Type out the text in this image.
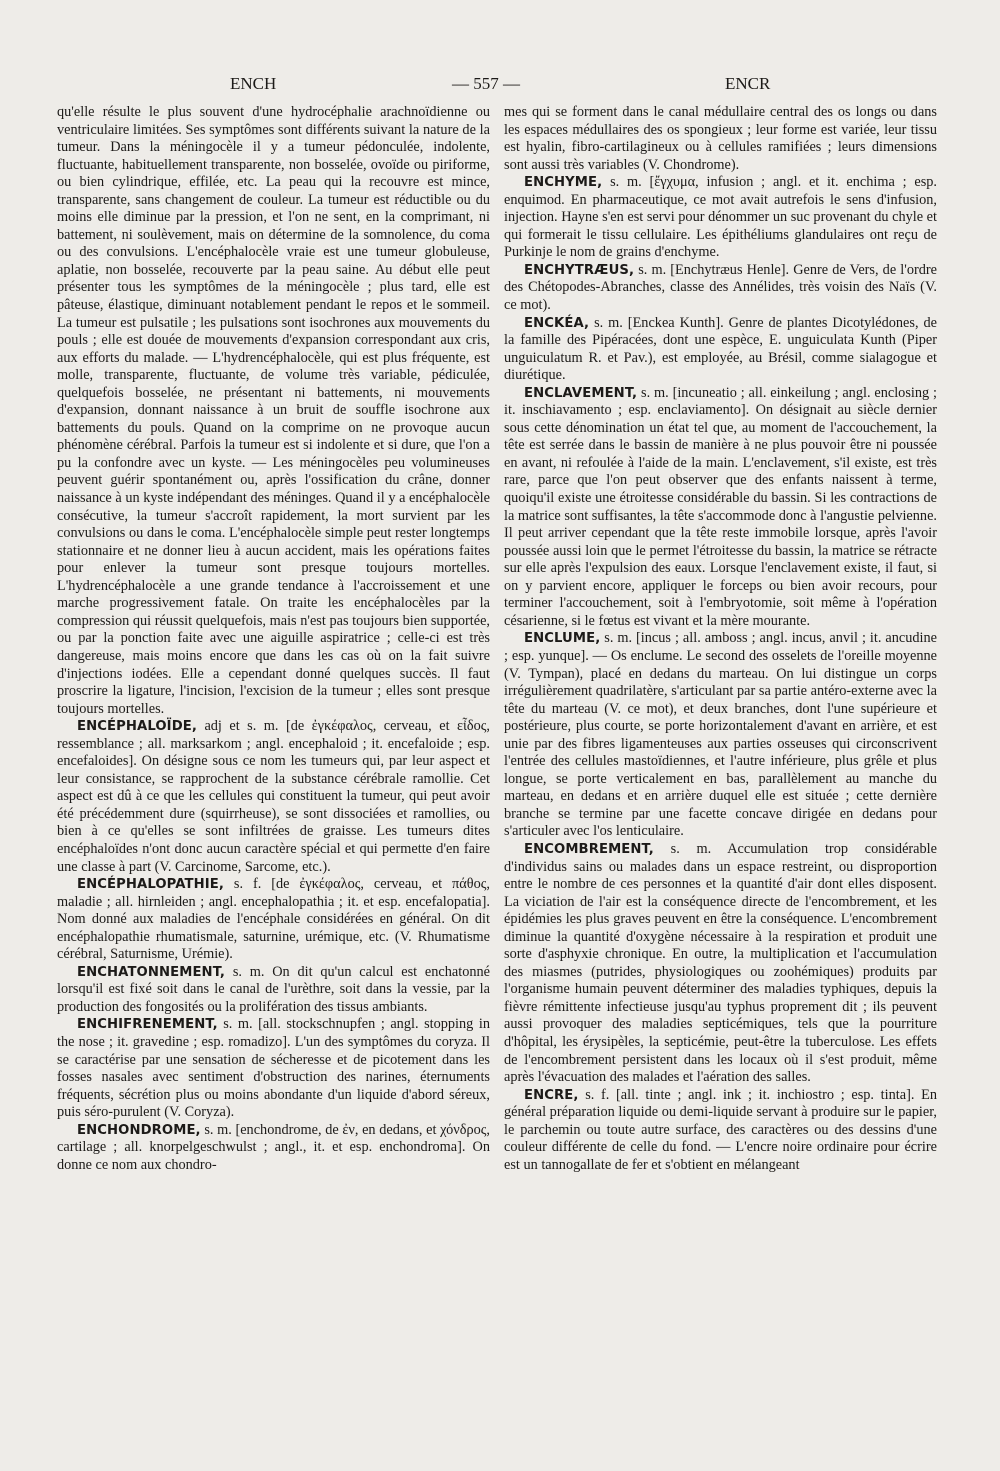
ENCH	— 557 —	ENCR

qu'elle résulte le plus souvent d'une hydrocéphalie arachnoïdienne ou ventriculaire limitées. Ses symptômes sont différents suivant la nature de la tumeur. Dans la méningocèle il y a tumeur pédonculée, indolente, fluctuante, habituellement transparente, non bosselée, ovoïde ou piriforme, ou bien cylindrique, effilée, etc. La peau qui la recouvre est mince, transparente, sans changement de couleur. La tumeur est réductible ou du moins elle diminue par la pression, et l'on ne sent, en la comprimant, ni battement, ni soulèvement, mais on détermine de la somnolence, du coma ou des convulsions. L'encéphalocèle vraie est une tumeur globuleuse, aplatie, non bosselée, recouverte par la peau saine. Au début elle peut présenter tous les symptômes de la méningocèle ; plus tard, elle est pâteuse, élastique, diminuant notablement pendant le repos et le sommeil. La tumeur est pulsatile ; les pulsations sont isochrones aux mouvements du pouls ; elle est douée de mouvements d'expansion correspondant aux cris, aux efforts du malade. — L'hydrencéphalocèle, qui est plus fréquente, est molle, transparente, fluctuante, de volume très variable, pédiculée, quelquefois bosselée, ne présentant ni battements, ni mouvements d'expansion, donnant naissance à un bruit de souffle isochrone aux battements du pouls. Quand on la comprime on ne provoque aucun phénomène cérébral. Parfois la tumeur est si indolente et si dure, que l'on a pu la confondre avec un kyste. — Les méningocèles peu volumineuses peuvent guérir spontanément ou, après l'ossification du crâne, donner naissance à un kyste indépendant des méninges. Quand il y a encéphalocèle consécutive, la tumeur s'accroît rapidement, la mort survient par les convulsions ou dans le coma. L'encéphalocèle simple peut rester longtemps stationnaire et ne donner lieu à aucun accident, mais les opérations faites pour enlever la tumeur sont presque toujours mortelles. L'hydrencéphalocèle a une grande tendance à l'accroissement et une marche progressivement fatale. On traite les encéphalocèles par la compression qui réussit quelquefois, mais n'est pas toujours bien supportée, ou par la ponction faite avec une aiguille aspiratrice ; celle-ci est très dangereuse, mais moins encore que dans les cas où on la fait suivre d'injections iodées. Elle a cependant donné quelques succès. Il faut proscrire la ligature, l'incision, l'excision de la tumeur ; elles sont presque toujours mortelles.

ENCÉPHALOÏDE, adj et s. m. [de ἐγκέφαλος, cerveau, et εἶδος, ressemblance ; all. marksarkom ; angl. encephaloid ; it. encefaloide ; esp. encefaloides]. On désigne sous ce nom les tumeurs qui, par leur aspect et leur consistance, se rapprochent de la substance cérébrale ramollie. Cet aspect est dû à ce que les cellules qui constituent la tumeur, qui peut avoir été précédemment dure (squirrheuse), se sont dissociées et ramollies, ou bien à ce qu'elles se sont infiltrées de graisse. Les tumeurs dites encéphaloïdes n'ont donc aucun caractère spécial et qui permette d'en faire une classe à part (V. Carcinome, Sarcome, etc.).

ENCÉPHALOPATHIE, s. f. [de ἐγκέφαλος, cerveau, et πάθος, maladie ; all. hirnleiden ; angl. encephalopathia ; it. et esp. encefalopatia]. Nom donné aux maladies de l'encéphale considérées en général. On dit encéphalopathie rhumatismale, saturnine, urémique, etc. (V. Rhumatisme cérébral, Saturnisme, Urémie).

ENCHATONNEMENT, s. m. On dit qu'un calcul est enchatonné lorsqu'il est fixé soit dans le canal de l'urèthre, soit dans la vessie, par la production des fongosités ou la prolifération des tissus ambiants.

ENCHIFRENEMENT, s. m. [all. stockschnupfen ; angl. stopping in the nose ; it. gravedine ; esp. romadizo]. L'un des symptômes du coryza. Il se caractérise par une sensation de sécheresse et de picotement dans les fosses nasales avec sentiment d'obstruction des narines, éternuments fréquents, sécrétion plus ou moins abondante d'un liquide d'abord séreux, puis séro-purulent (V. Coryza).

ENCHONDROME, s. m. [enchondrome, de ἐν, en dedans, et χόνδρος, cartilage ; all. knorpelgeschwulst ; angl., it. et esp. enchondroma]. On donne ce nom aux chondro-

mes qui se forment dans le canal médullaire central des os longs ou dans les espaces médullaires des os spongieux ; leur forme est variée, leur tissu est hyalin, fibro-cartilagineux ou à cellules ramifiées ; leurs dimensions sont aussi très variables (V. Chondrome).

ENCHYME, s. m. [ἔγχυμα, infusion ; angl. et it. enchima ; esp. enquimod. En pharmaceutique, ce mot avait autrefois le sens d'infusion, injection. Hayne s'en est servi pour dénommer un suc provenant du chyle et qui formerait le tissu cellulaire. Les épithéliums glandulaires ont reçu de Purkinje le nom de grains d'enchyme.

ENCHYTRÆUS, s. m. [Enchytræus Henle]. Genre de Vers, de l'ordre des Chétopodes-Abranches, classe des Annélides, très voisin des Naïs (V. ce mot).

ENCKÉA, s. m. [Enckea Kunth]. Genre de plantes Dicotylédones, de la famille des Pipéracées, dont une espèce, E. unguiculata Kunth (Piper unguiculatum R. et Pav.), est employée, au Brésil, comme sialagogue et diurétique.

ENCLAVEMENT, s. m. [incuneatio ; all. einkeilung ; angl. enclosing ; it. inschiavamento ; esp. enclaviamento]. On désignait au siècle dernier sous cette dénomination un état tel que, au moment de l'accouchement, la tête est serrée dans le bassin de manière à ne plus pouvoir être ni poussée en avant, ni refoulée à l'aide de la main. L'enclavement, s'il existe, est très rare, parce que l'on peut observer que des enfants naissent à terme, quoiqu'il existe une étroitesse considérable du bassin. Si les contractions de la matrice sont suffisantes, la tête s'accommode donc à l'angustie pelvienne. Il peut arriver cependant que la tête reste immobile lorsque, après l'avoir poussée aussi loin que le permet l'étroitesse du bassin, la matrice se rétracte sur elle après l'expulsion des eaux. Lorsque l'enclavement existe, il faut, si on y parvient encore, appliquer le forceps ou bien avoir recours, pour terminer l'accouchement, soit à l'embryotomie, soit même à l'opération césarienne, si le fœtus est vivant et la mère mourante.

ENCLUME, s. m. [incus ; all. amboss ; angl. incus, anvil ; it. ancudine ; esp. yunque]. — Os enclume. Le second des osselets de l'oreille moyenne (V. Tympan), placé en dedans du marteau. On lui distingue un corps irrégulièrement quadrilatère, s'articulant par sa partie antéro-externe avec la tête du marteau (V. ce mot), et deux branches, dont l'une supérieure et postérieure, plus courte, se porte horizontalement d'avant en arrière, et est unie par des fibres ligamenteuses aux parties osseuses qui circonscrivent l'entrée des cellules mastoïdiennes, et l'autre inférieure, plus grêle et plus longue, se porte verticalement en bas, parallèlement au manche du marteau, en dedans et en arrière duquel elle est située ; cette dernière branche se termine par une facette concave dirigée en dedans pour s'articuler avec l'os lenticulaire.

ENCOMBREMENT, s. m. Accumulation trop considérable d'individus sains ou malades dans un espace restreint, ou disproportion entre le nombre de ces personnes et la quantité d'air dont elles disposent. La viciation de l'air est la conséquence directe de l'encombrement, et les épidémies les plus graves peuvent en être la conséquence. L'encombrement diminue la quantité d'oxygène nécessaire à la respiration et produit une sorte d'asphyxie chronique. En outre, la multiplication et l'accumulation des miasmes (putrides, physiologiques ou zoohémiques) produits par l'organisme humain peuvent déterminer des maladies typhiques, depuis la fièvre rémittente infectieuse jusqu'au typhus proprement dit ; ils peuvent aussi provoquer des maladies septicémiques, tels que la pourriture d'hôpital, les érysipèles, la septicémie, peut-être la tuberculose. Les effets de l'encombrement persistent dans les locaux où il s'est produit, même après l'évacuation des malades et l'aération des salles.

ENCRE, s. f. [all. tinte ; angl. ink ; it. inchiostro ; esp. tinta]. En général préparation liquide ou demi-liquide servant à produire sur le papier, le parchemin ou toute autre surface, des caractères ou des dessins d'une couleur différente de celle du fond. — L'encre noire ordinaire pour écrire est un tannogallate de fer et s'obtient en mélangeant
